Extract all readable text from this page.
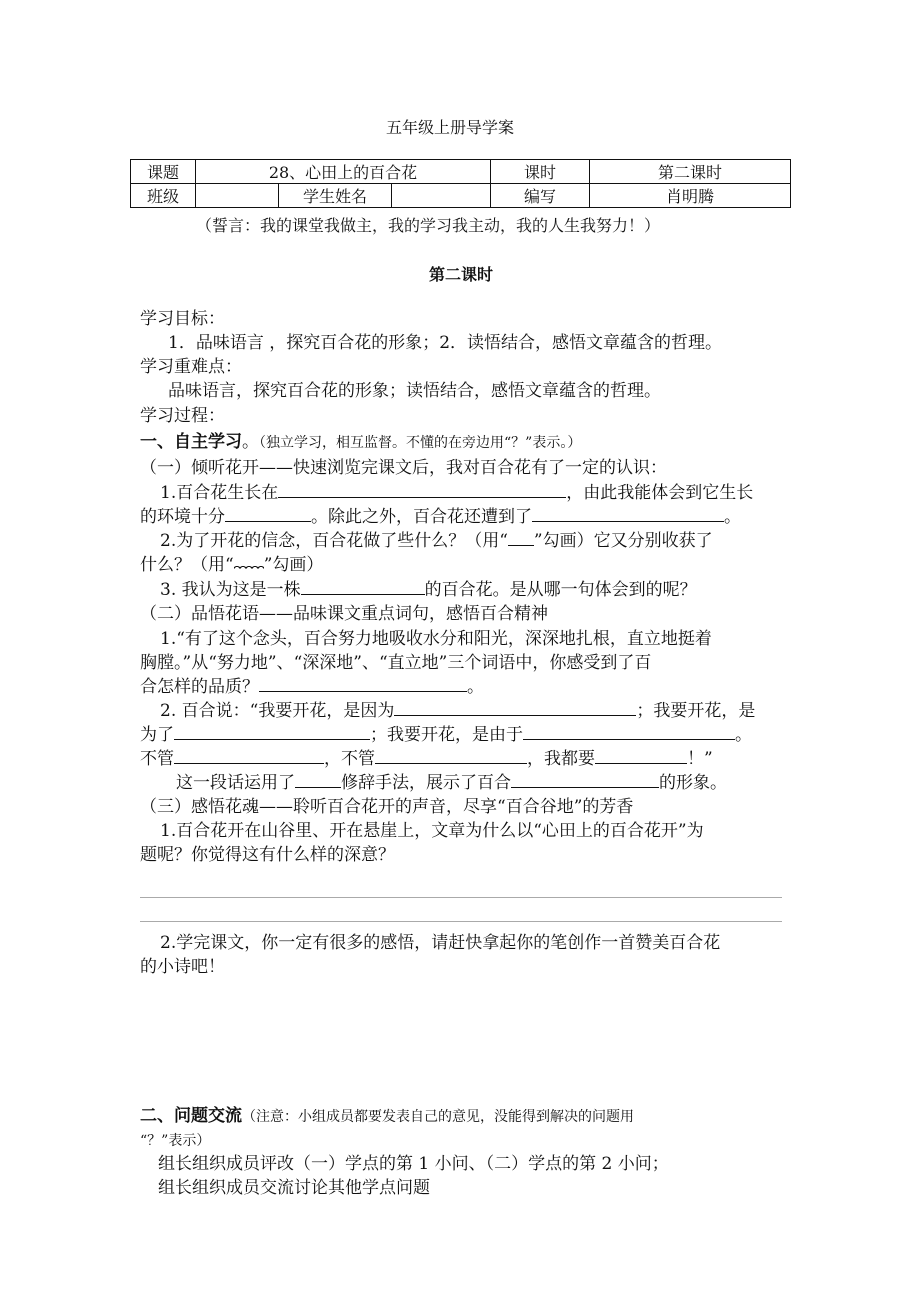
五年级上册导学案
课题	28、心田上的百合花			课时	第二课时
班级		学生姓名		编写	肖明腾
（誓言：我的课堂我做主，我的学习我主动，我的人生我努力！）
第二课时
学习目标：
1．品味语言 ，探究百合花的形象；2．读悟结合，感悟文章蕴含的哲理。
学习重难点：
品味语言，探究百合花的形象；读悟结合，感悟文章蕴含的哲理。
学习过程：
一、自主学习。（独立学习，相互监督。不懂的在旁边用“？”表示。）
（一）倾听花开——快速浏览完课文后，我对百合花有了一定的认识：
1.百合花生长在	，由此我能体会到它生长
的环境十分	。除此之外，百合花还遭到了	。
2.为了开花的信念，百合花做了些什么？（用“ ”勾画）它又分别收获了
什么？（用“ ”勾画）
3. 我认为这是一株	的百合花。是从哪一句体会到的呢？
（二）品悟花语——品味课文重点词句，感悟百合精神
1.“有了这个念头，百合努力地吸收水分和阳光，深深地扎根，直立地挺着
胸膛。”从“努力地”、“深深地”、“直立地”三个词语中，你感受到了百
合怎样的品质？	。
2. 百合说：“我要开花，是因为	；我要开花，是
为了	；我要开花，是由于	。
不管	，不管	，我都要	！”
这一段话运用了	修辞手法，展示了百合	的形象。
（三）感悟花魂——聆听百合花开的声音，尽享“百合谷地”的芳香
1.百合花开在山谷里、开在悬崖上，文章为什么以“心田上的百合花开”为
题呢？你觉得这有什么样的深意？
2.学完课文，你一定有很多的感悟，请赶快拿起你的笔创作一首赞美百合花
的小诗吧！
二、问题交流（注意：小组成员都要发表自己的意见，没能得到解决的问题用
“？”表示）
组长组织成员评改（一）学点的第 1 小问、（二）学点的第 2 小问；
组长组织成员交流讨论其他学点问题
